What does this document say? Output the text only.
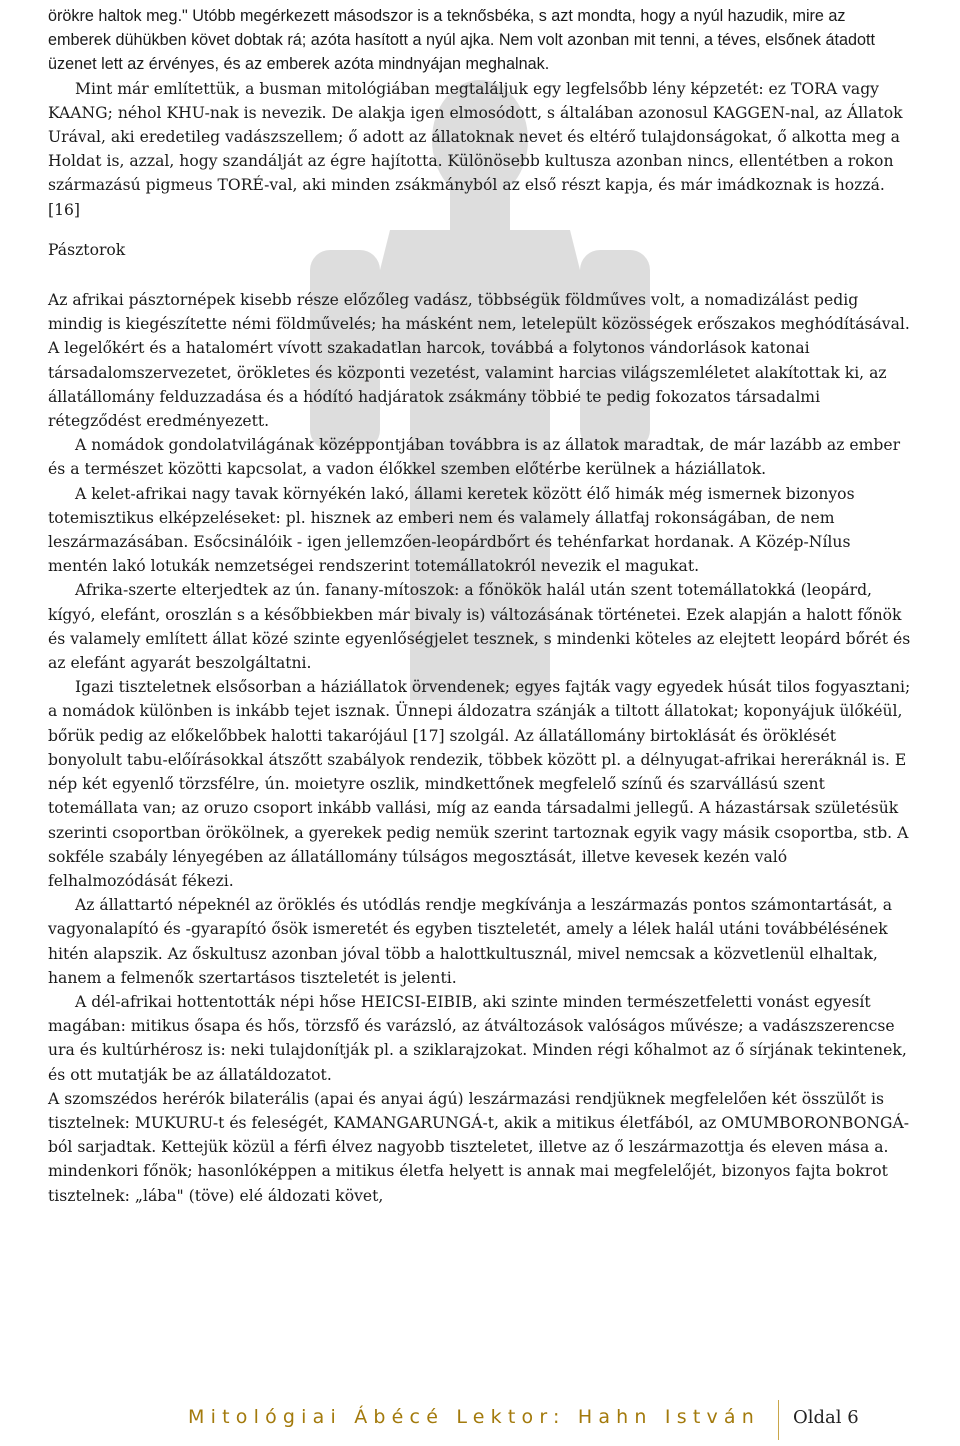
örökre haltok meg." Utóbb megérkezett másodszor is a teknősbéka, s azt mondta, hogy a nyúl hazudik, mire az emberek dühükben követ dobtak rá; azóta hasított a nyúl ajka. Nem volt azonban mit tenni, a téves, elsőnek átadott üzenet lett az érvényes, és az emberek azóta mindnyájan meghalnak.

Mint már említettük, a busman mitológiában megtaláljuk egy legfelsőbb lény képzetét: ez TORA vagy KAANG; néhol KHU-nak is nevezik. De alakja igen elmosódott, s általában azonosul KAGGEN-nal, az Állatok Urával, aki eredetileg vadászszellem; ő adott az állatoknak nevet és eltérő tulajdonságokat, ő alkotta meg a Holdat is, azzal, hogy szandálját az égre hajította. Különösebb kultusza azonban nincs, ellentétben a rokon származású pigmeus TORÉ-val, aki minden zsákmányból az első részt kapja, és már imádkoznak is hozzá. [16]

Pásztorok

Az afrikai pásztornépek kisebb része előzőleg vadász, többségük földműves volt, a nomadizálást pedig mindig is kiegészítette némi földművelés; ha másként nem, letelepült közösségek erőszakos meghódításával. A legelőkért és a hatalomért vívott szakadatlan harcok, továbbá a folytonos vándorlások katonai társadalomszervezetet, örökletes és központi vezetést, valamint harcias világszemléletet alakítottak ki, az állatállomány felduzzadása és a hódító hadjáratok zsákmány többié te pedig fokozatos társadalmi rétegződést eredményezett.

A nomádok gondolatvilágának középpontjában továbbra is az állatok maradtak, de már lazább az ember és a természet közötti kapcsolat, a vadon élőkkel szemben előtérbe kerülnek a háziállatok.

A kelet-afrikai nagy tavak környékén lakó, állami keretek között élő himák még ismernek bizonyos totemisztikus elképzeléseket: pl. hisznek az emberi nem és valamely állatfaj rokonságában, de nem leszármazásában. Esőcsinálóik - igen jellemzően-leopárdbőrt és tehénfarkat hordanak. A Közép-Nílus mentén lakó lotukák nemzetségei rendszerint totemállatokról nevezik el magukat.

Afrika-szerte elterjedtek az ún. fanany-mítoszok: a főnökök halál után szent totemállatokká (leopárd, kígyó, elefánt, oroszlán s a későbbiekben már bivaly is) változásának történetei. Ezek alapján a halott főnök és valamely említett állat közé szinte egyenlőségjelet tesznek, s mindenki köteles az elejtett leopárd bőrét és az elefánt agyarát beszolgáltatni.

Igazi tiszteletnek elsősorban a háziállatok örvendenek; egyes fajták vagy egyedek húsát tilos fogyasztani; a nomádok különben is inkább tejet isznak. Ünnepi áldozatra szánják a tiltott állatokat; koponyájuk ülőkéül, bőrük pedig az előkelőbbek halotti takarójául [17] szolgál. Az állatállomány birtoklását és öröklését bonyolult tabu-előírásokkal átszőtt szabályok rendezik, többek között pl. a délnyugat-afrikai hereráknál is. E nép két egyenlő törzsfélre, ún. moietyre oszlik, mindkettőnek megfelelő színű és szarvállású szent totemállata van; az oruzo csoport inkább vallási, míg az eanda társadalmi jellegű. A házastársak születésük szerinti csoportban örökölnek, a gyerekek pedig nemük szerint tartoznak egyik vagy másik csoportba, stb. A sokféle szabály lényegében az állatállomány túlságos megosztását, illetve kevesek kezén való felhalmozódását fékezi.

Az állattartó népeknél az öröklés és utódlás rendje megkívánja a leszármazás pontos számontartását, a vagyonalapító és -gyarapító ősök ismeretét és egyben tiszteletét, amely a lélek halál utáni továbbélésének hitén alapszik. Az őskultusz azonban jóval több a halottkultusznál, mivel nemcsak a közvetlenül elhaltak, hanem a felmenők szertartásos tiszteletét is jelenti.

A dél-afrikai hottentották népi hőse HEICSI-EIBIB, aki szinte minden természetfeletti vonást egyesít magában: mitikus ősapa és hős, törzsfő és varázsló, az átváltozások valóságos művésze; a vadászszerencse ura és kultúrhérosz is: neki tulajdonítják pl. a sziklarajzokat. Minden régi kőhalmot az ő sírjának tekintenek, és ott mutatják be az állatáldozatot.

A szomszédos herérók bilaterális (apai és anyai ágú) leszármazási rendjüknek megfelelően két összülőt is tisztelnek: MUKURU-t és feleségét, KAMANGARUNGÁ-t, akik a mitikus életfából, az OMUMBORONBONGÁ-ból sarjadtak. Kettejük közül a férfi élvez nagyobb tiszteletet, illetve az ő leszármazottja és eleven mása a. mindenkori főnök; hasonlóképpen a mitikus életfa helyett is annak mai megfelelőjét, bizonyos fajta bokrot tisztelnek: „lába" (töve) elé áldozati követ,

Mitológiai Ábécé Lektor: Hahn István Oldal 6
